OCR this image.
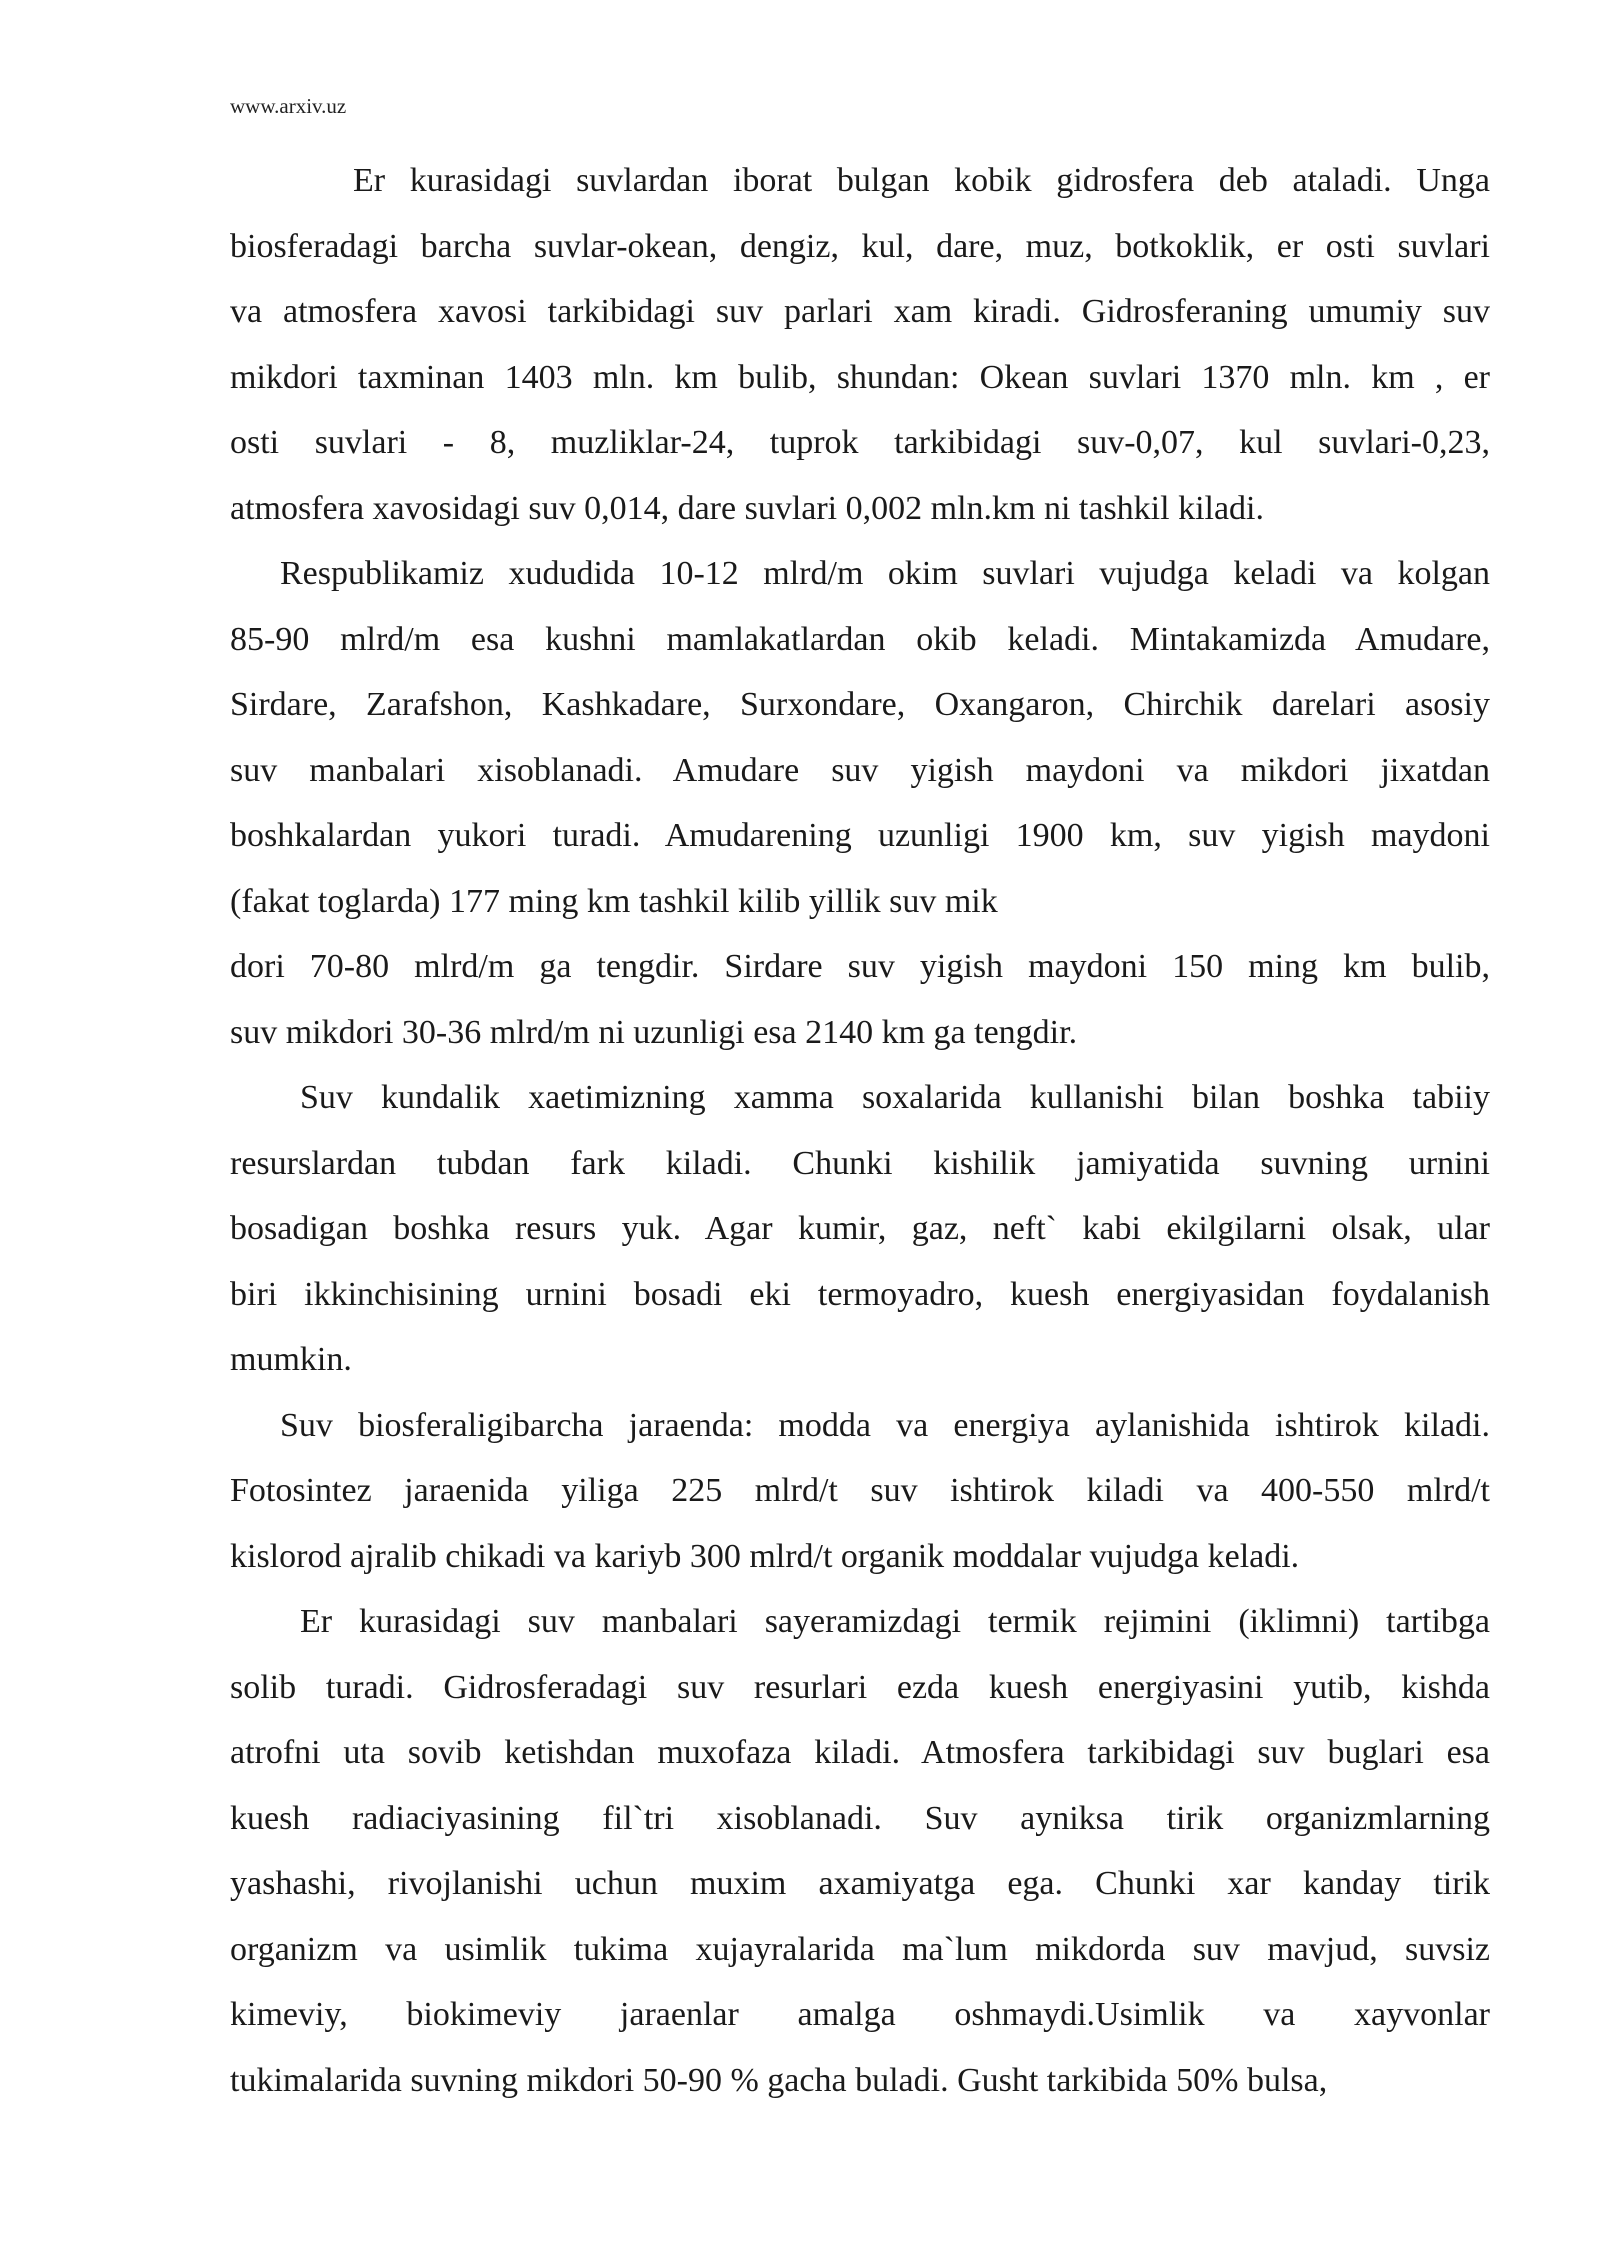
www.arxiv.uz

Er kurasidagi suvlardan iborat bulgan kobik gidrosfera deb ataladi. Unga
biosferadagi barcha suvlar-okean, dengiz, kul, dare, muz, botkoklik, er osti suvlari
va atmosfera xavosi tarkibidagi suv parlari xam kiradi. Gidrosferaning umumiy suv
mikdori taxminan 1403 mln. km bulib, shundan: Okean suvlari 1370 mln. km , er
osti suvlari - 8, muzliklar-24, tuprok tarkibidagi suv-0,07, kul suvlari-0,23,
atmosfera xavosidagi suv 0,014, dare suvlari 0,002 mln.km ni tashkil kiladi.

Respublikamiz xududida 10-12 mlrd/m okim suvlari vujudga keladi va kolgan
85-90 mlrd/m esa kushni mamlakatlardan okib keladi. Mintakamizda Amudare,
Sirdare, Zarafshon, Kashkadare, Surxondare, Oxangaron, Chirchik darelari asosiy
suv manbalari xisoblanadi. Amudare suv yigish maydoni va mikdori jixatdan
boshkalardan yukori turadi. Amudarening uzunligi 1900 km, suv yigish maydoni
(fakat toglarda) 177 ming km tashkil kilib yillik suv mik
dori 70-80 mlrd/m ga tengdir. Sirdare suv yigish maydoni 150 ming km bulib,
suv mikdori 30-36 mlrd/m ni uzunligi esa 2140 km ga tengdir.

Suv kundalik xaetimizning xamma soxalarida kullanishi bilan boshka tabiiy
resurslardan tubdan fark kiladi. Chunki kishilik jamiyatida suvning urnini
bosadigan boshka resurs yuk. Agar kumir, gaz, neft` kabi ekilgilarni olsak, ular
biri ikkinchisining urnini bosadi eki termoyadro, kuesh energiyasidan foydalanish
mumkin.

Suv biosferaligibarcha jaraenda: modda va energiya aylanishida ishtirok kiladi.
Fotosintez jaraenida yiliga 225 mlrd/t suv ishtirok kiladi va 400-550 mlrd/t
kislorod ajralib chikadi va kariyb 300 mlrd/t organik moddalar vujudga keladi.

Er kurasidagi suv manbalari sayeramizdagi termik rejimini (iklimni) tartibga
solib turadi. Gidrosferadagi suv resurlari ezda kuesh energiyasini yutib, kishda
atrofni uta sovib ketishdan muxofaza kiladi. Atmosfera tarkibidagi suv buglari esa
kuesh radiaciyasining fil`tri xisoblanadi. Suv ayniksa tirik organizmlarning
yashashi, rivojlanishi uchun muxim axamiyatga ega. Chunki xar kanday tirik
organizm va usimlik tukima xujayralarida ma`lum mikdorda suv mavjud, suvsiz
kimeviy, biokimeviy jaraenlar amalga oshmaydi.Usimlik va xayvonlar
tukimalarida suvning mikdori 50-90 % gacha buladi. Gusht tarkibida 50% bulsa,
